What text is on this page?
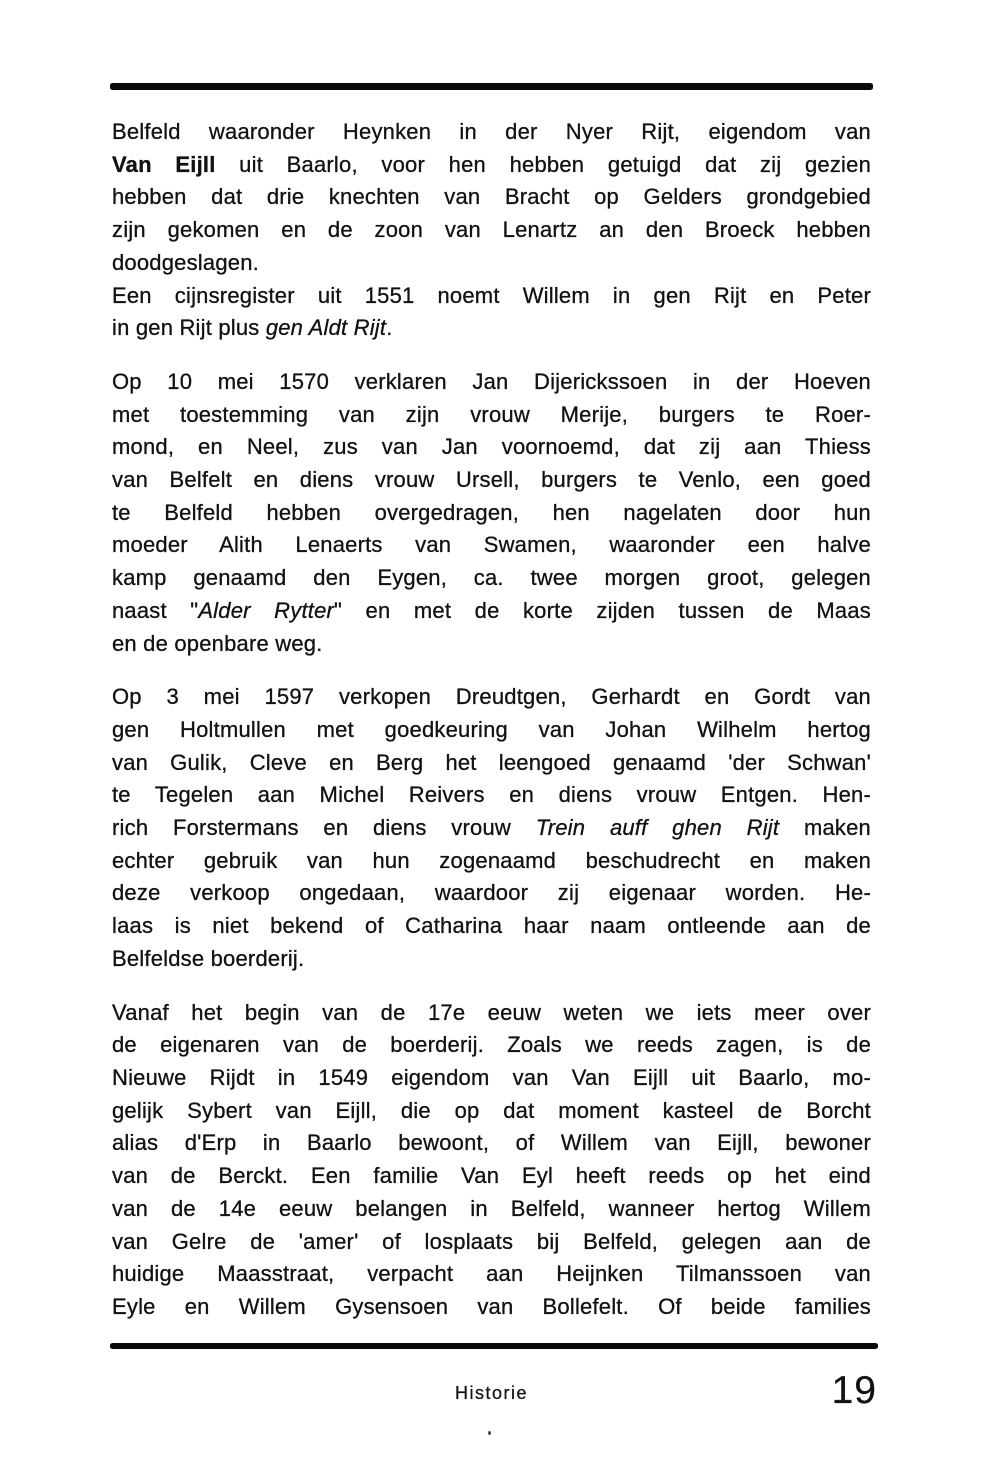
Belfeld waaronder Heynken in der Nyer Rijt, eigendom van
Van Eijll uit Baarlo, voor hen hebben getuigd dat zij gezien
hebben dat drie knechten van Bracht op Gelders grondgebied
zijn gekomen en de zoon van Lenartz an den Broeck hebben
doodgeslagen.
Een cijnsregister uit 1551 noemt Willem in gen Rijt en Peter
in gen Rijt plus gen Aldt Rijt.
Op 10 mei 1570 verklaren Jan Dijerickssoen in der Hoeven
met toestemming van zijn vrouw Merije, burgers te Roer-
mond, en Neel, zus van Jan voornoemd, dat zij aan Thiess
van Belfelt en diens vrouw Ursell, burgers te Venlo, een goed
te Belfeld hebben overgedragen, hen nagelaten door hun
moeder Alith Lenaerts van Swamen, waaronder een halve
kamp genaamd den Eygen, ca. twee morgen groot, gelegen
naast "Alder Rytter" en met de korte zijden tussen de Maas
en de openbare weg.
Op 3 mei 1597 verkopen Dreudtgen, Gerhardt en Gordt van
gen Holtmullen met goedkeuring van Johan Wilhelm hertog
van Gulik, Cleve en Berg het leengoed genaamd 'der Schwan'
te Tegelen aan Michel Reivers en diens vrouw Entgen. Hen-
rich Forstermans en diens vrouw Trein auff ghen Rijt maken
echter gebruik van hun zogenaamd beschudrecht en maken
deze verkoop ongedaan, waardoor zij eigenaar worden. He-
laas is niet bekend of Catharina haar naam ontleende aan de
Belfeldse boerderij.
Vanaf het begin van de 17e eeuw weten we iets meer over
de eigenaren van de boerderij. Zoals we reeds zagen, is de
Nieuwe Rijdt in 1549 eigendom van Van Eijll uit Baarlo, mo-
gelijk Sybert van Eijll, die op dat moment kasteel de Borcht
alias d'Erp in Baarlo bewoont, of Willem van Eijll, bewoner
van de Berckt. Een familie Van Eyl heeft reeds op het eind
van de 14e eeuw belangen in Belfeld, wanneer hertog Willem
van Gelre de 'amer' of losplaats bij Belfeld, gelegen aan de
huidige Maasstraat, verpacht aan Heijnken Tilmanssoen van
Eyle en Willem Gysensoen van Bollefelt. Of beide families
Historie	19
